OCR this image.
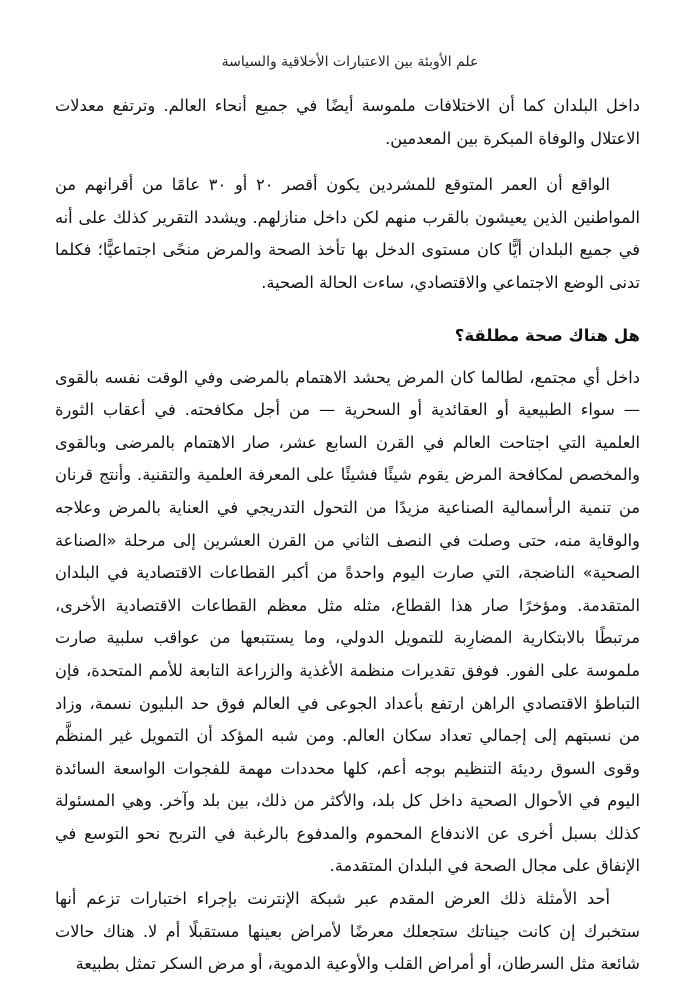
علم الأوبئة بين الاعتبارات الأخلاقية والسياسة

داخل البلدان كما أن الاختلافات ملموسة أيضًا في جميع أنحاء العالم. وترتفع معدلات الاعتلال والوفاة المبكرة بين المعدمين.

الواقع أن العمر المتوقع للمشردين يكون أقصر ٢٠ أو ٣٠ عامًا من أقرانهم من المواطنين الذين يعيشون بالقرب منهم لكن داخل منازلهم. ويشدد التقرير كذلك على أنه في جميع البلدان أيًّا كان مستوى الدخل بها تأخذ الصحة والمرض منحًى اجتماعيًّا؛ فكلما تدنى الوضع الاجتماعي والاقتصادي، ساءت الحالة الصحية.

هل هناك صحة مطلقة؟

داخل أي مجتمع، لطالما كان المرض يحشد الاهتمام بالمرضى وفي الوقت نفسه بالقوى — سواء الطبيعية أو العقائدية أو السحرية — من أجل مكافحته. في أعقاب الثورة العلمية التي اجتاحت العالم في القرن السابع عشر، صار الاهتمام بالمرضى وبالقوى والمخصص لمكافحة المرض يقوم شيئًا فشيئًا على المعرفة العلمية والتقنية. وأنتج قرنان من تنمية الرأسمالية الصناعية مزيدًا من التحول التدريجي في العناية بالمرض وعلاجه والوقاية منه، حتى وصلت في النصف الثاني من القرن العشرين إلى مرحلة «الصناعة الصحية» الناضجة، التي صارت اليوم واحدةً من أكبر القطاعات الاقتصادية في البلدان المتقدمة. ومؤخرًا صار هذا القطاع، مثله مثل معظم القطاعات الاقتصادية الأخرى، مرتبطًا بالابتكارية المضارِبة للتمويل الدولي، وما يستتبعها من عواقب سلبية صارت ملموسة على الفور. فوفق تقديرات منظمة الأغذية والزراعة التابعة للأمم المتحدة، فإن التباطؤ الاقتصادي الراهن ارتفع بأعداد الجوعى في العالم فوق حد البليون نسمة، وزاد من نسبتهم إلى إجمالي تعداد سكان العالم. ومن شبه المؤكد أن التمويل غير المنظَّم وقوى السوق رديئة التنظيم بوجه أعم، كلها محددات مهمة للفجوات الواسعة السائدة اليوم في الأحوال الصحية داخل كل بلد، والأكثر من ذلك، بين بلد وآخر. وهي المسئولة كذلك بسبل أخرى عن الاندفاع المحموم والمدفوع بالرغبة في التربح نحو التوسع في الإنفاق على مجال الصحة في البلدان المتقدمة.

أحد الأمثلة ذلك العرض المقدم عبر شبكة الإنترنت بإجراء اختبارات تزعم أنها ستخبرك إن كانت جيناتك ستجعلك معرضًا لأمراض بعينها مستقبلًا أم لا. هناك حالات شائعة مثل السرطان، أو أمراض القلب والأوعية الدموية، أو مرض السكر تمثل بطبيعة
